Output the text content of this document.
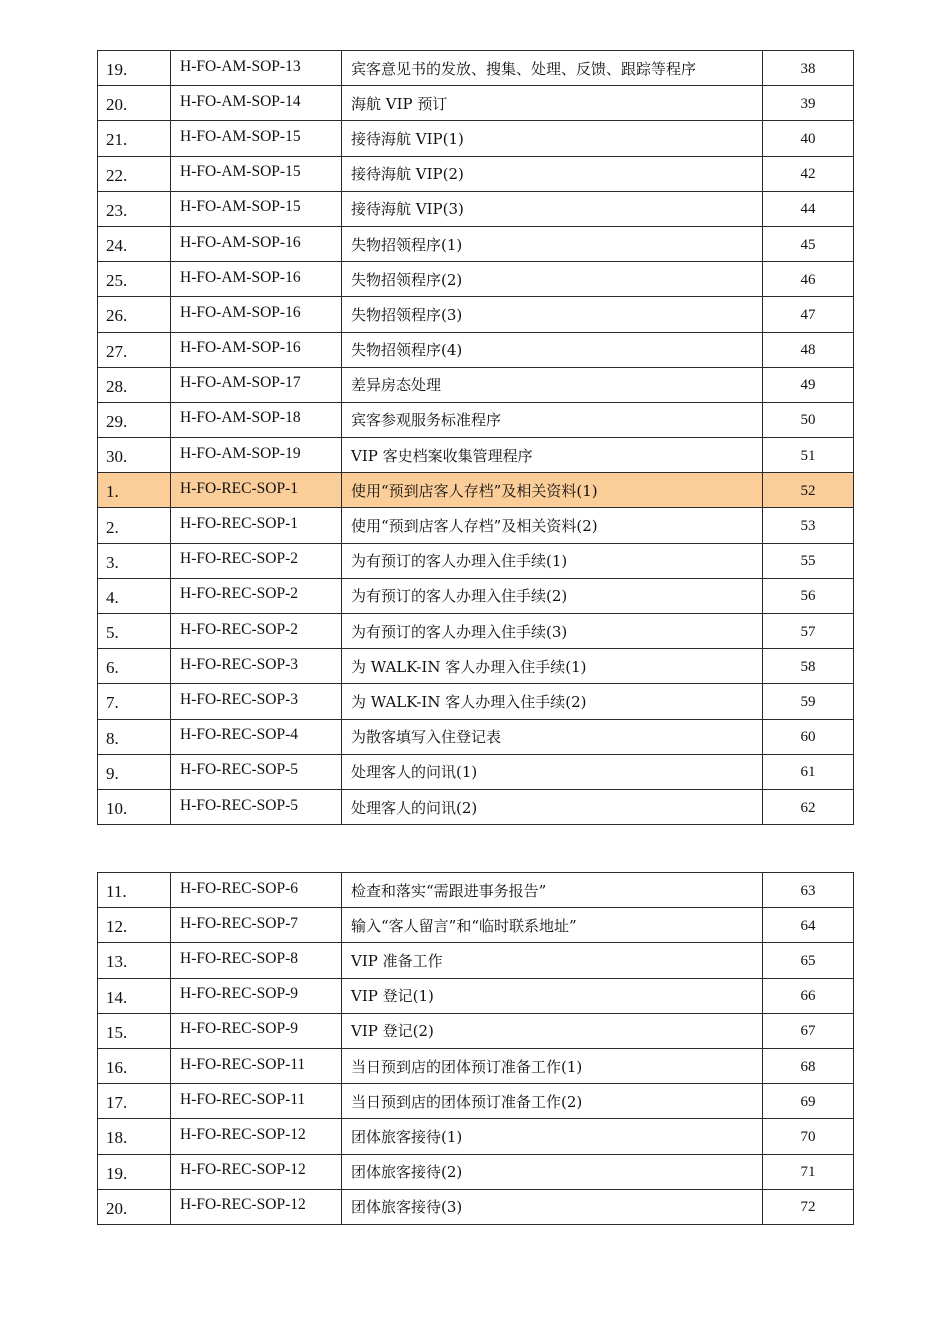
19.	H-FO-AM-SOP-13	宾客意见书的发放、搜集、处理、反馈、跟踪等程序	38
20.	H-FO-AM-SOP-14	海航 VIP 预订	39
21.	H-FO-AM-SOP-15	接待海航 VIP(1)	40
22.	H-FO-AM-SOP-15	接待海航 VIP(2)	42
23.	H-FO-AM-SOP-15	接待海航 VIP(3)	44
24.	H-FO-AM-SOP-16	失物招领程序(1)	45
25.	H-FO-AM-SOP-16	失物招领程序(2)	46
26.	H-FO-AM-SOP-16	失物招领程序(3)	47
27.	H-FO-AM-SOP-16	失物招领程序(4)	48
28.	H-FO-AM-SOP-17	差异房态处理	49
29.	H-FO-AM-SOP-18	宾客参观服务标准程序	50
30.	H-FO-AM-SOP-19	VIP 客史档案收集管理程序	51
1.	H-FO-REC-SOP-1	使用“预到店客人存档”及相关资料(1)	52
2.	H-FO-REC-SOP-1	使用“预到店客人存档”及相关资料(2)	53
3.	H-FO-REC-SOP-2	为有预订的客人办理入住手续(1)	55
4.	H-FO-REC-SOP-2	为有预订的客人办理入住手续(2)	56
5.	H-FO-REC-SOP-2	为有预订的客人办理入住手续(3)	57
6.	H-FO-REC-SOP-3	为 WALK-IN 客人办理入住手续(1)	58
7.	H-FO-REC-SOP-3	为 WALK-IN 客人办理入住手续(2)	59
8.	H-FO-REC-SOP-4	为散客填写入住登记表	60
9.	H-FO-REC-SOP-5	处理客人的问讯(1)	61
10.	H-FO-REC-SOP-5	处理客人的问讯(2)	62
11.	H-FO-REC-SOP-6	检查和落实“需跟进事务报告”	63
12.	H-FO-REC-SOP-7	输入“客人留言”和“临时联系地址”	64
13.	H-FO-REC-SOP-8	VIP 准备工作	65
14.	H-FO-REC-SOP-9	VIP 登记(1)	66
15.	H-FO-REC-SOP-9	VIP 登记(2)	67
16.	H-FO-REC-SOP-11	当日预到店的团体预订准备工作(1)	68
17.	H-FO-REC-SOP-11	当日预到店的团体预订准备工作(2)	69
18.	H-FO-REC-SOP-12	团体旅客接待(1)	70
19.	H-FO-REC-SOP-12	团体旅客接待(2)	71
20.	H-FO-REC-SOP-12	团体旅客接待(3)	72
